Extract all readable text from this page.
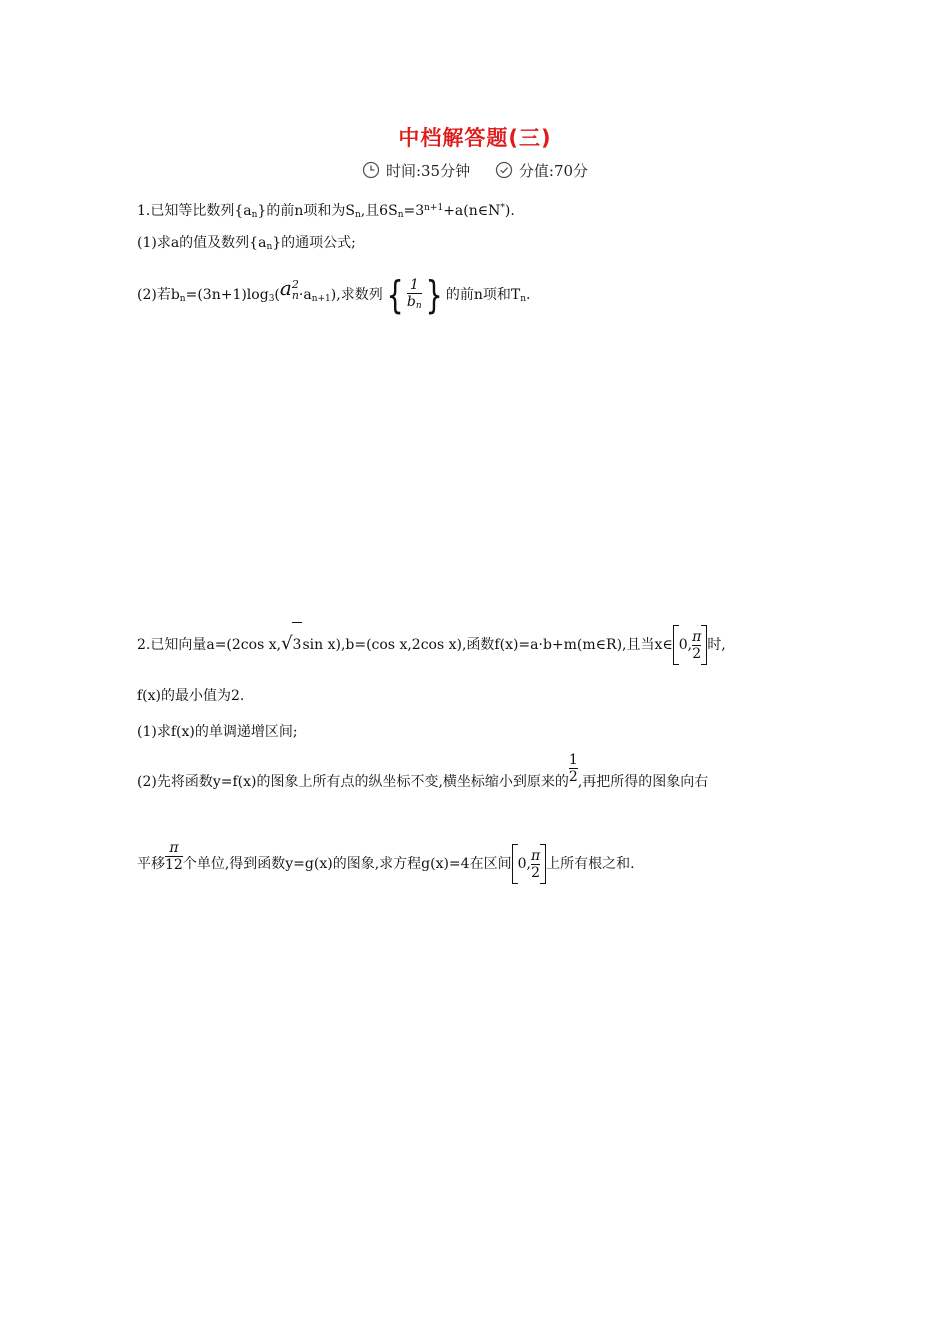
中档解答题(三)
时间:35分钟	分值:70分
1.已知等比数列$\{a_n\}$的前n项和为$S_n$,且$6S_n=3^{n+1}+a(n\in N^*)$.
(1)求a的值及数列$\{a_n\}$的通项公式;
(2)若$b_n=(3n+1)\log_3(a$ 2
$n \cdot a_{n+1}$),求数列{ $\frac{1}{b_n}$ } 的前n项和$T_n$.
2.已知向量a=(2cos x,√3sin x),b=(cos x,2cos x),函数f(x)=a·b+m(m∈R),且当x∈ 0, $\frac{\pi}{2}$ 时,
f(x)的最小值为2.
(1)求f(x)的单调递增区间;
(2)先将函数y=f(x)的图象上所有点的纵坐标不变,横坐标缩小到原来的 $\frac{1}{2}$ ,再把所得的图象向右
平移 $\frac{\pi}{12}$ 个单位,得到函数y=g(x)的图象,求方程g(x)=4在区间 0, $\frac{\pi}{2}$ 上所有根之和.
